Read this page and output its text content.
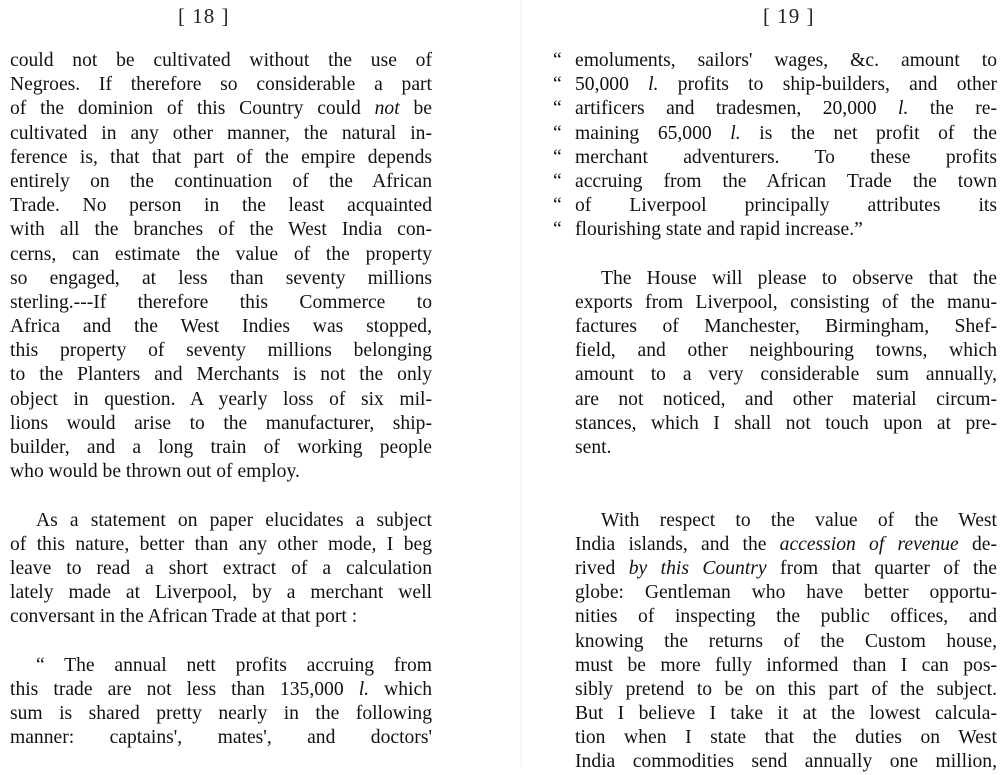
[ 18 ]
could not be cultivated without the use of
Negroes. If therefore so considerable a part
of the dominion of this Country could not be
cultivated in any other manner, the natural in-
ference is, that that part of the empire depends
entirely on the continuation of the African
Trade. No person in the least acquainted
with all the branches of the West India con-
cerns, can estimate the value of the property
so engaged, at less than seventy millions
sterling.---If therefore this Commerce to
Africa and the West Indies was stopped,
this property of seventy millions belonging
to the Planters and Merchants is not the only
object in question. A yearly loss of six mil-
lions would arise to the manufacturer, ship-
builder, and a long train of working people
who would be thrown out of employ.
As a statement on paper elucidates a subject
of this nature, better than any other mode, I beg
leave to read a short extract of a calculation
lately made at Liverpool, by a merchant well
conversant in the African Trade at that port :
“ The annual nett profits accruing from
this trade are not less than 135,000 l. which
sum is shared pretty nearly in the following
manner: captains', mates', and doctors'
[ 19 ]
“ emoluments, sailors' wages, &c. amount to
“ 50,000 l. profits to ship-builders, and other
“ artificers and tradesmen, 20,000 l. the re-
“ maining 65,000 l. is the net profit of the
“ merchant adventurers. To these profits
“ accruing from the African Trade the town
“ of Liverpool principally attributes its
“ flourishing state and rapid increase.”
The House will please to observe that the
exports from Liverpool, consisting of the manu-
factures of Manchester, Birmingham, Shef-
field, and other neighbouring towns, which
amount to a very considerable sum annually,
are not noticed, and other material circum-
stances, which I shall not touch upon at pre-
sent.
With respect to the value of the West
India islands, and the accession of revenue de-
rived by this Country from that quarter of the
globe: Gentleman who have better opportu-
nities of inspecting the public offices, and
knowing the returns of the Custom house,
must be more fully informed than I can pos-
sibly pretend to be on this part of the subject.
But I believe I take it at the lowest calcula-
tion when I state that the duties on West
India commodities send annually one million,
